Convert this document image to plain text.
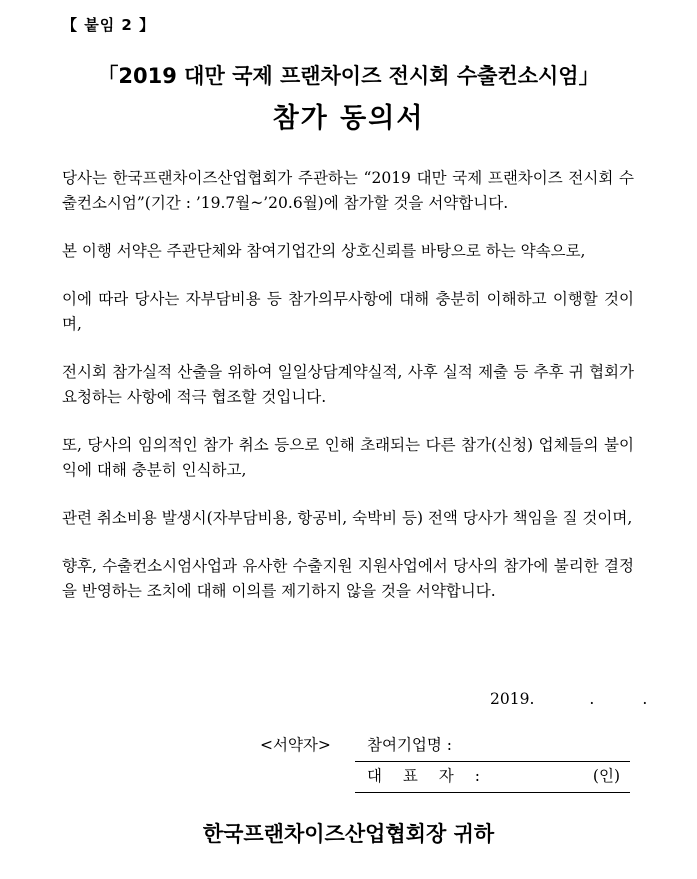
【 붙임 2 】
「2019 대만 국제 프랜차이즈 전시회 수출컨소시엄」
참가 동의서

당사는 한국프랜차이즈산업협회가 주관하는 “2019 대만 국제 프랜차이즈 전시회 수출컨소시엄”(기간 : ’19.7월~’20.6월)에 참가할 것을 서약합니다.

본 이행 서약은 주관단체와 참여기업간의 상호신뢰를 바탕으로 하는 약속으로,

이에 따라 당사는 자부담비용 등 참가의무사항에 대해 충분히 이해하고 이행할 것이며,

전시회 참가실적 산출을 위하여 일일상담계약실적, 사후 실적 제출 등 추후 귀 협회가 요청하는 사항에 적극 협조할 것입니다.

또, 당사의 임의적인 참가 취소 등으로 인해 초래되는 다른 참가(신청) 업체들의 불이익에 대해 충분히 인식하고,

관련 취소비용 발생시(자부담비용, 항공비, 숙박비 등) 전액 당사가 책임을 질 것이며,

향후, 수출컨소시엄사업과 유사한 수출지원 지원사업에서 당사의 참가에 불리한 결정을 반영하는 조치에 대해 이의를 제기하지 않을 것을 서약합니다.

2019.	.	.
<서약자> 참여기업명 :
대 표 자 :	(인)
한국프랜차이즈산업협회장 귀하
